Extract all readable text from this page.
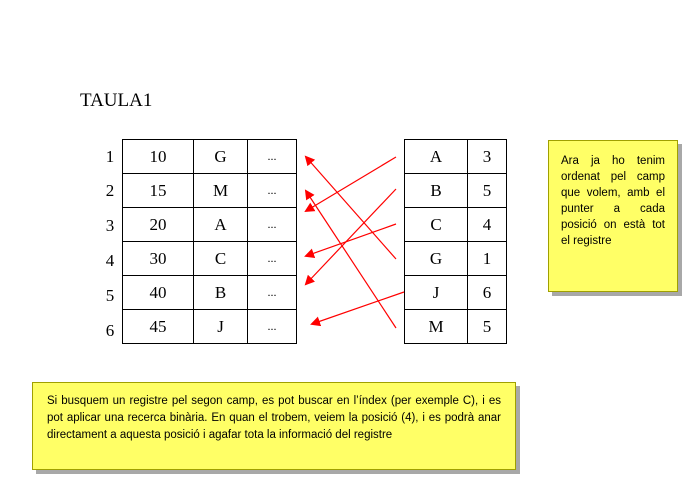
TAULA1
1
2
3
4
5
6
10	G	...
15	M	...
20	A	...
30	C	...
40	B	...
45	J	...
A	3
B	5
C	4
G	1
J	6
M	5
Ara ja ho tenim ordenat pel camp que volem, amb el punter a cada posició on està tot el registre
Si busquem un registre pel segon camp, es pot buscar en l’índex (per exemple C), i es pot aplicar una recerca binària. En quan el trobem, veiem la posició (4), i es podrà anar directament a aquesta posició i agafar tota la informació del registre
